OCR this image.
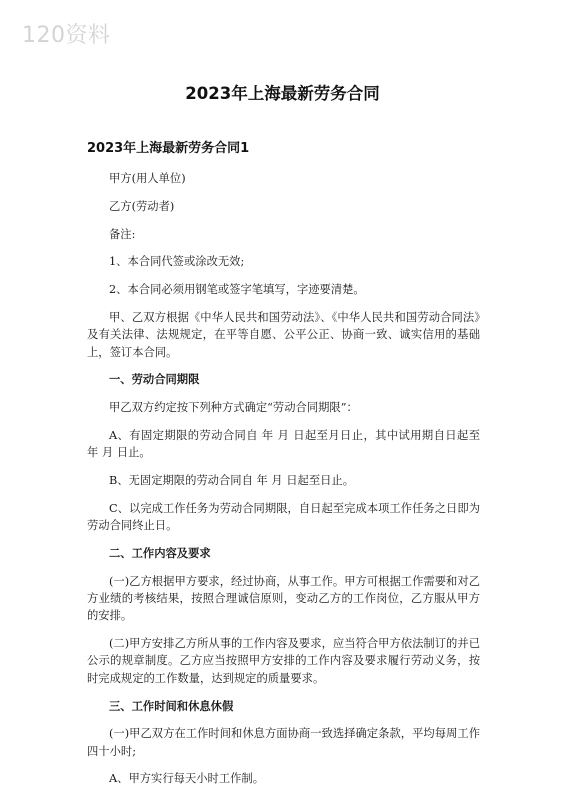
120资料
2023年上海最新劳务合同
2023年上海最新劳务合同1

甲方(用人单位)

乙方(劳动者)

备注:

1、本合同代签或涂改无效;

2、本合同必须用钢笔或签字笔填写，字迹要清楚。

甲、乙双方根据《中华人民共和国劳动法》、《中华人民共和国劳动合同法》及有关法律、法规规定，在平等自愿、公平公正、协商一致、诚实信用的基础上，签订本合同。

一、劳动合同期限

甲乙双方约定按下列种方式确定“劳动合同期限”：

A、有固定期限的劳动合同自 年 月 日起至月日止，其中试用期自日起至 年 月 日止。

B、无固定期限的劳动合同自 年 月 日起至日止。

C、以完成工作任务为劳动合同期限，自日起至完成本项工作任务之日即为劳动合同终止日。

二、工作内容及要求

(一)乙方根据甲方要求，经过协商，从事工作。甲方可根据工作需要和对乙方业绩的考核结果，按照合理诚信原则，变动乙方的工作岗位，乙方服从甲方的安排。

(二)甲方安排乙方所从事的工作内容及要求，应当符合甲方依法制订的并已公示的规章制度。乙方应当按照甲方安排的工作内容及要求履行劳动义务，按时完成规定的工作数量，达到规定的质量要求。

三、工作时间和休息休假

(一)甲乙双方在工作时间和休息方面协商一致选择确定条款，平均每周工作四十小时;

A、甲方实行每天小时工作制。
